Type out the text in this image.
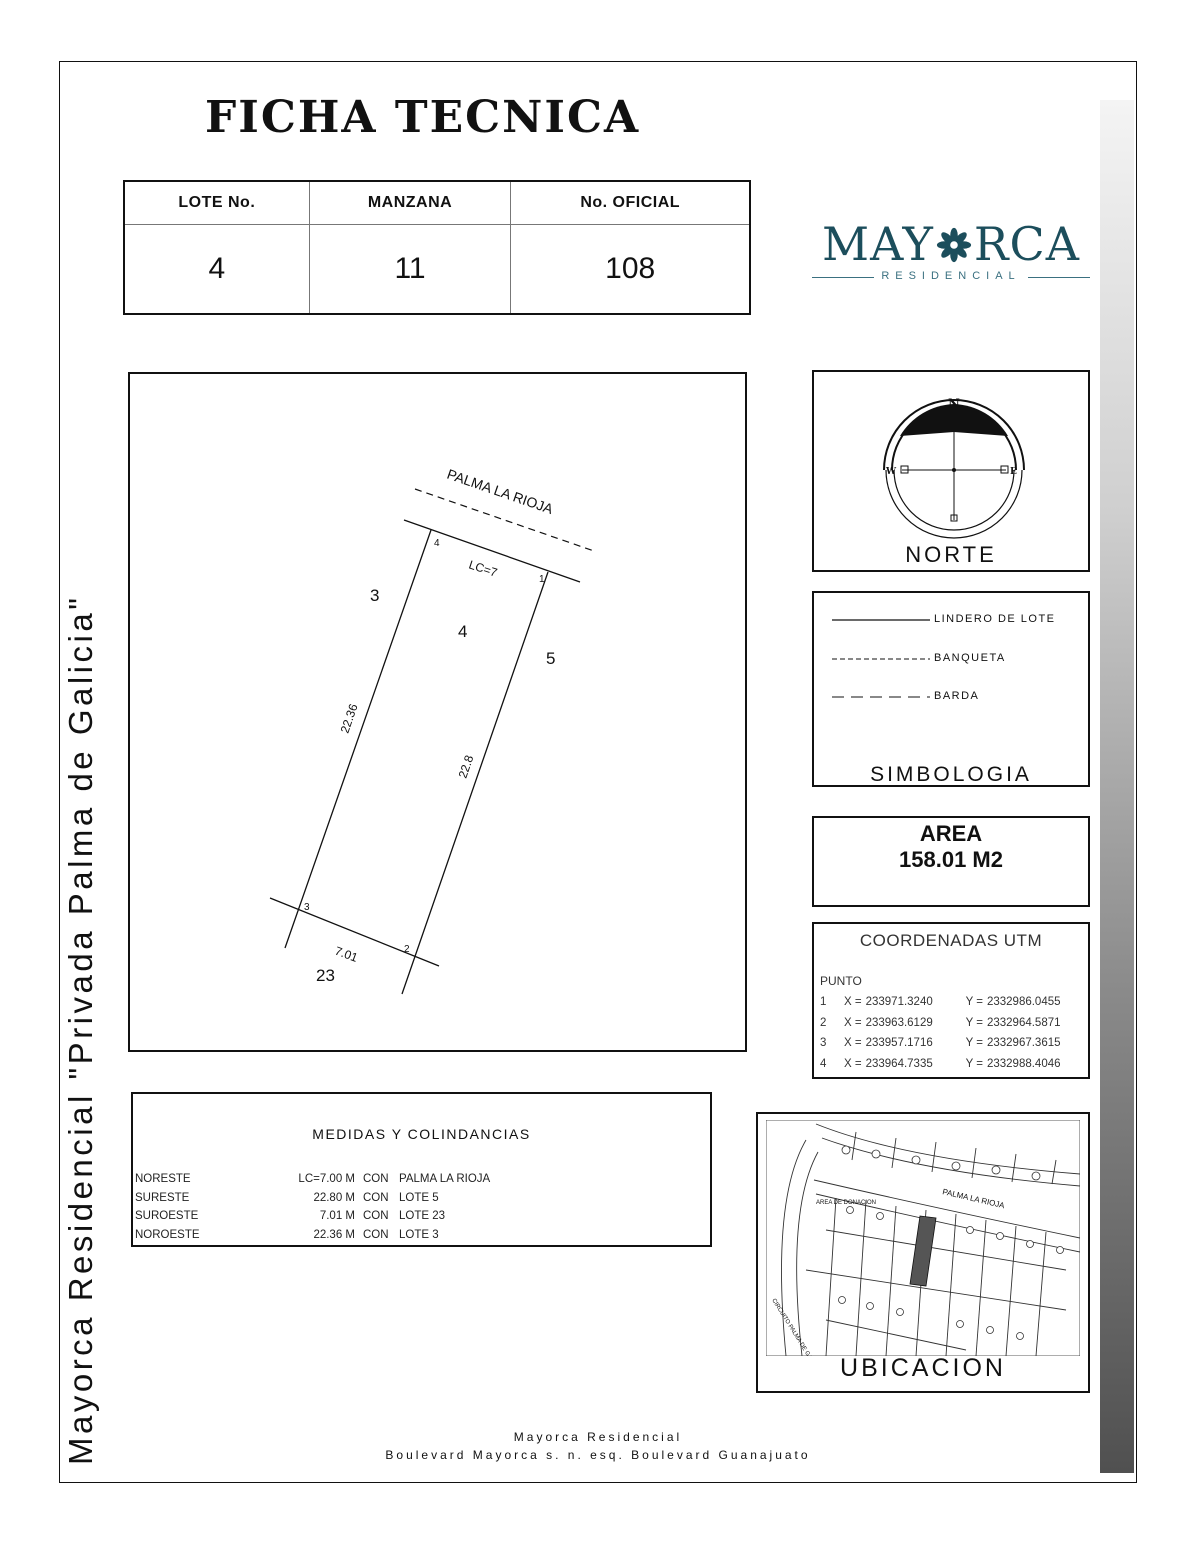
FICHA TECNICA
Mayorca Residencial "Privada Palma de Galicia"
LOTE No.	MANZANA	No. OFICIAL
4	11	108	MAY RCA
RESIDENCIAL
PALMA LA RIOJA
3
4
5
23
LC=7
22.36
22.8
7.01
1
2
3
4
N
W	E
NORTE
LINDERO DE LOTE
BANQUETA
BARDA
SIMBOLOGIA
AREA
158.01 M2
COORDENADAS UTM
PUNTO
1	X =	233971.3240	Y =	2332986.0455
2	X =	233963.6129	Y =	2332964.5871
3	X =	233957.1716	Y =	2332967.3615
4	X =	233964.7335	Y =	2332988.4046
MEDIDAS Y COLINDANCIAS
NORESTE	LC=7.00 M	CON	PALMA LA RIOJA
SURESTE	22.80 M	CON	LOTE 5
SUROESTE	7.01 M	CON	LOTE 23
NOROESTE	22.36 M	CON	LOTE 3
PALMA LA RIOJA
AREA DE DONACION
UBICACION
Mayorca Residencial
Boulevard Mayorca s. n. esq. Boulevard Guanajuato
